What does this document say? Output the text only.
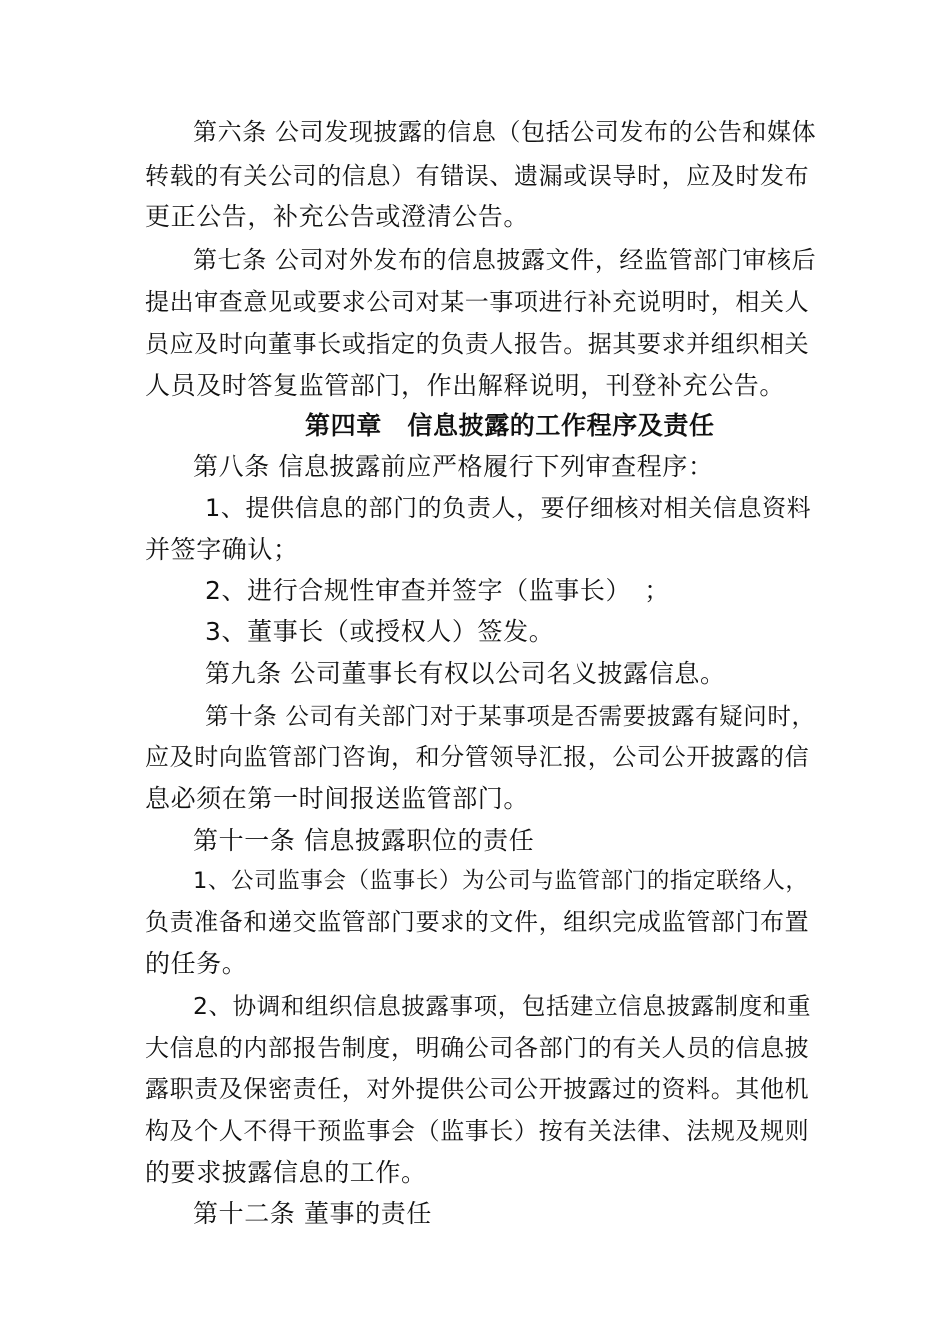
第六条 公司发现披露的信息（包括公司发布的公告和媒体
转载的有关公司的信息）有错误、遗漏或误导时，应及时发布
更正公告，补充公告或澄清公告。
第七条 公司对外发布的信息披露文件，经监管部门审核后
提出审查意见或要求公司对某一事项进行补充说明时，相关人
员应及时向董事长或指定的负责人报告。据其要求并组织相关
人员及时答复监管部门，作出解释说明，刊登补充公告。
第四章　信息披露的工作程序及责任
第八条 信息披露前应严格履行下列审查程序：
1、提供信息的部门的负责人，要仔细核对相关信息资料
并签字确认；
2、进行合规性审查并签字（监事长）　；
3、董事长（或授权人）签发。
第九条 公司董事长有权以公司名义披露信息。
第十条 公司有关部门对于某事项是否需要披露有疑问时，
应及时向监管部门咨询，和分管领导汇报，公司公开披露的信
息必须在第一时间报送监管部门。
第十一条 信息披露职位的责任
1、公司监事会（监事长）为公司与监管部门的指定联络人，
负责准备和递交监管部门要求的文件，组织完成监管部门布置
的任务。
2、协调和组织信息披露事项，包括建立信息披露制度和重
大信息的内部报告制度，明确公司各部门的有关人员的信息披
露职责及保密责任，对外提供公司公开披露过的资料。其他机
构及个人不得干预监事会（监事长）按有关法律、法规及规则
的要求披露信息的工作。
第十二条 董事的责任
